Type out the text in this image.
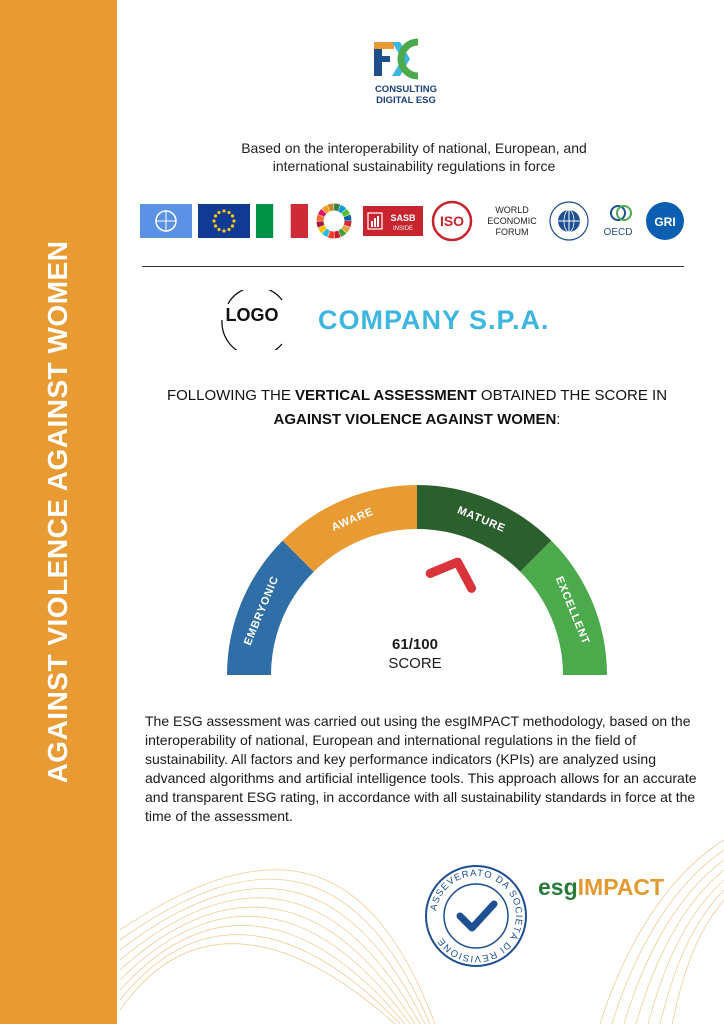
AGAINST VIOLENCE AGAINST WOMEN
CONSULTING
DIGITAL ESG
Based on the interoperability of national, European, and
international sustainability regulations in force
SASB
INSIDE ISO
WORLD
ECONOMIC
FORUM	OECD
GRI
LOGO COMPANY S.P.A.
FOLLOWING THE VERTICAL ASSESSMENT OBTAINED THE SCORE IN
AGAINST VIOLENCE AGAINST WOMEN:
EMBRYONIC
AWARE	MATURE
EXCELLENT
61/100
SCORE
The ESG assessment was carried out using the esgIMPACT methodology, based on the interoperability of national, European and international regulations in the field of sustainability. All factors and key performance indicators (KPIs) are analyzed using advanced algorithms and artificial intelligence tools. This approach allows for an accurate and transparent ESG rating, in accordance with all sustainability standards in force at the time of the assessment.
ASSEVERATO DA SOCIETÀ DI REVISIONE
esgIMPACT
